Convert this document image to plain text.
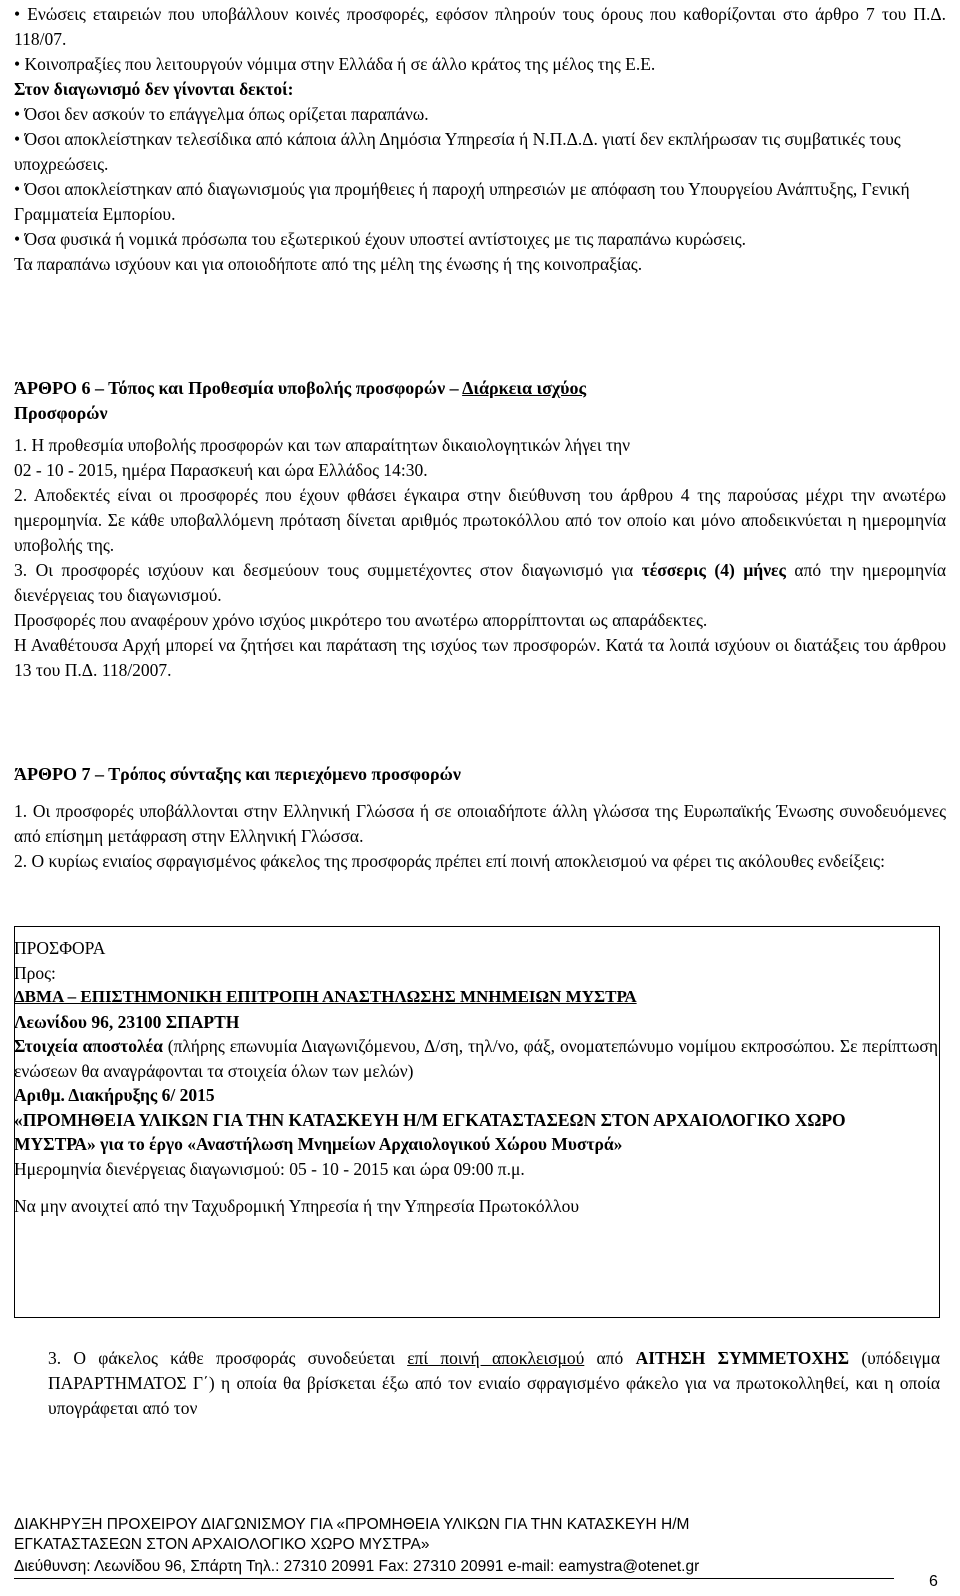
• Ενώσεις εταιρειών που υποβάλλουν κοινές προσφορές, εφόσον πληρούν τους όρους που καθορίζονται στο άρθρο 7 του Π.Δ. 118/07.

• Κοινοπραξίες που λειτουργούν νόμιμα στην Ελλάδα ή σε άλλο κράτος της μέλος της Ε.Ε.

Στον διαγωνισμό δεν γίνονται δεκτοί:

• Όσοι δεν ασκούν το επάγγελμα όπως ορίζεται παραπάνω.

• Όσοι αποκλείστηκαν τελεσίδικα από κάποια άλλη Δημόσια Υπηρεσία ή Ν.Π.Δ.Δ. γιατί δεν εκπλήρωσαν τις συμβατικές τους υποχρεώσεις.

• Όσοι αποκλείστηκαν από διαγωνισμούς για προμήθειες ή παροχή υπηρεσιών με απόφαση του Υπουργείου Ανάπτυξης, Γενική Γραμματεία Εμπορίου.

• Όσα φυσικά ή νομικά πρόσωπα του εξωτερικού έχουν υποστεί αντίστοιχες με τις παραπάνω κυρώσεις.

Τα παραπάνω ισχύουν και για οποιοδήποτε από της μέλη της ένωσης ή της κοινοπραξίας.

ΆΡΘΡΟ 6 – Τόπος και Προθεσμία υποβολής προσφορών – Διάρκεια ισχύος

Προσφορών

1. Η προθεσμία υποβολής προσφορών και των απαραίτητων δικαιολογητικών λήγει την

02 - 10 - 2015, ημέρα Παρασκευή και ώρα Ελλάδος 14:30.

2. Αποδεκτές είναι οι προσφορές που έχουν φθάσει έγκαιρα στην διεύθυνση του άρθρου 4 της παρούσας μέχρι την ανωτέρω ημερομηνία. Σε κάθε υποβαλλόμενη πρόταση δίνεται αριθμός πρωτοκόλλου από τον οποίο και μόνο αποδεικνύεται η ημερομηνία υποβολής της.

3. Οι προσφορές ισχύουν και δεσμεύουν τους συμμετέχοντες στον διαγωνισμό για τέσσερις (4) μήνες από την ημερομηνία διενέργειας του διαγωνισμού.

Προσφορές που αναφέρουν χρόνο ισχύος μικρότερο του ανωτέρω απορρίπτονται ως απαράδεκτες.

Η Αναθέτουσα Αρχή μπορεί να ζητήσει και παράταση της ισχύος των προσφορών. Κατά τα λοιπά ισχύουν οι διατάξεις του άρθρου 13 του Π.Δ. 118/2007.

ΆΡΘΡΟ 7 – Τρόπος σύνταξης και περιεχόμενο προσφορών

1. Οι προσφορές υποβάλλονται στην Ελληνική Γλώσσα ή σε οποιαδήποτε άλλη γλώσσα της Ευρωπαϊκής Ένωσης συνοδευόμενες από επίσημη μετάφραση στην Ελληνική Γλώσσα.

2. Ο κυρίως ενιαίος σφραγισμένος φάκελος της προσφοράς πρέπει επί ποινή αποκλεισμού να φέρει τις ακόλουθες ενδείξεις:

ΠΡΟΣΦΟΡΑ

Προς:

ΔΒΜΑ – ΕΠΙΣΤΗΜΟΝΙΚΗ ΕΠΙΤΡΟΠΗ ΑΝΑΣΤΗΛΩΣΗΣ ΜΝΗΜΕΙΩΝ ΜΥΣΤΡΑ

Λεωνίδου 96, 23100 ΣΠΑΡΤΗ

Στοιχεία αποστολέα (πλήρης επωνυμία Διαγωνιζόμενου, Δ/ση, τηλ/νο, φάξ, ονοματεπώνυμο νομίμου εκπροσώπου. Σε περίπτωση ενώσεων θα αναγράφονται τα στοιχεία όλων των μελών)

Αριθμ. Διακήρυξης 6/ 2015

«ΠΡΟΜΗΘΕΙΑ ΥΛΙΚΩΝ ΓΙΑ ΤΗΝ ΚΑΤΑΣΚΕΥΗ Η/Μ ΕΓΚΑΤΑΣΤΑΣΕΩΝ ΣΤΟΝ ΑΡΧΑΙΟΛΟΓΙΚΟ ΧΩΡΟ ΜΥΣΤΡΑ» για το έργο «Αναστήλωση Μνημείων Αρχαιολογικού Χώρου Μυστρά»

Ημερομηνία διενέργειας διαγωνισμού: 05 - 10 - 2015 και ώρα 09:00 π.μ.

Να μην ανοιχτεί από την Ταχυδρομική Υπηρεσία ή την Υπηρεσία Πρωτοκόλλου

3. Ο φάκελος κάθε προσφοράς συνοδεύεται επί ποινή αποκλεισμού από ΑΙΤΗΣΗ ΣΥΜΜΕΤΟΧΗΣ (υπόδειγμα ΠΑΡΑΡΤΗΜΑΤΟΣ Γ΄) η οποία θα βρίσκεται έξω από τον ενιαίο σφραγισμένο φάκελο για να πρωτοκολληθεί, και η οποία υπογράφεται από τον

ΔΙΑΚΗΡΥΞΗ ΠΡΟΧΕΙΡΟΥ ΔΙΑΓΩΝΙΣΜΟΥ ΓΙΑ «ΠΡΟΜΗΘΕΙΑ ΥΛΙΚΩΝ ΓΙΑ ΤΗΝ ΚΑΤΑΣΚΕΥΗ Η/Μ
ΕΓΚΑΤΑΣΤΑΣΕΩΝ ΣΤΟΝ ΑΡΧΑΙΟΛΟΓΙΚΟ ΧΩΡΟ ΜΥΣΤΡΑ»
Διεύθυνση: Λεωνίδου 96, Σπάρτη Τηλ.: 27310 20991 Fax: 27310 20991 e-mail: eamystra@otenet.gr
6
